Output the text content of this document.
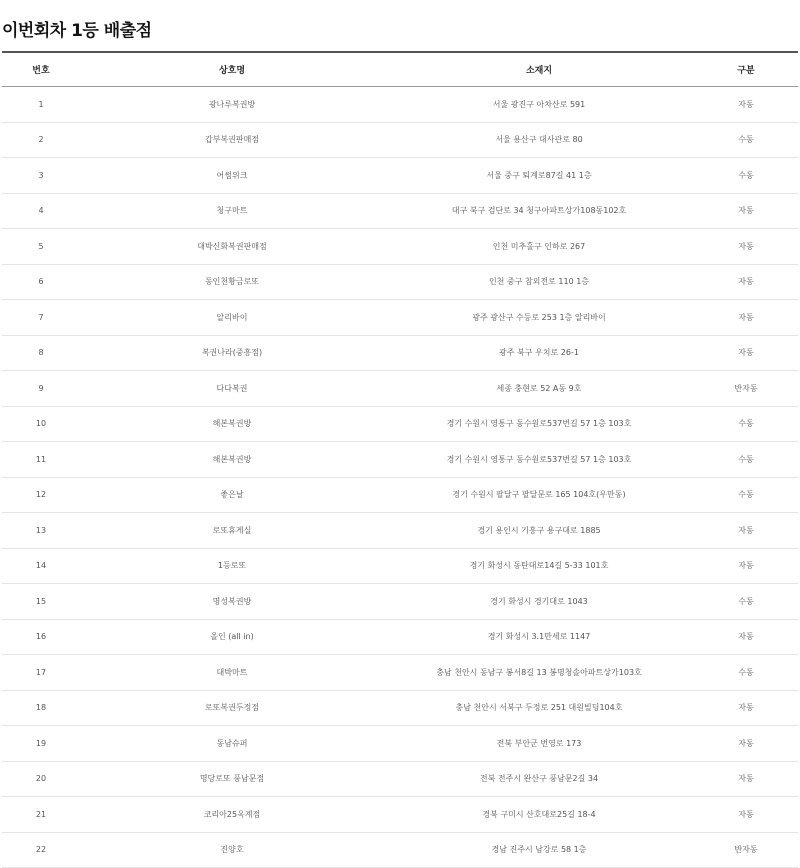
이번회차 1등 배출점
번호	상호명	소재지	구분
1	광나루복권방	서울 광진구 아차산로 591	자동
2	갑부복권판매점	서울 용산구 대사관로 80	수동
3	어썸위크	서울 중구 퇴계로87길 41 1층	수동
4	청구마트	대구 북구 검단로 34 청구아파트상가108동102호	자동
5	대박신화복권판매점	인천 미추홀구 인하로 267	자동
6	동인천황금로또	인천 중구 참외전로 110 1층	자동
7	알리바이	광주 광산구 수등로 253 1층 알리바이	자동
8	복권나라(중흥점)	광주 북구 우치로 26-1	자동
9	다다복권	세종 충현로 52 A동 9호	반자동
10	해본복권방	경기 수원시 영통구 동수원로537번길 57 1층 103호	수동
11	해본복권방	경기 수원시 영통구 동수원로537번길 57 1층 103호	수동
12	좋은날	경기 수원시 팔달구 팔달문로 165 104호(우만동)	수동
13	로또휴게실	경기 용인시 기흥구 용구대로 1885	자동
14	1등로또	경기 화성시 동탄대로14길 5-33 101호	자동
15	명성복권방	경기 화성시 경기대로 1043	수동
16	올인 (all in)	경기 화성시 3.1만세로 1147	자동
17	대박마트	충남 천안시 동남구 봉서8길 13 봉명청솔아파트상가103호	수동
18	로또복권두정점	충남 천안시 서북구 두정로 251 대원빌딩104호	자동
19	동남슈퍼	전북 부안군 번영로 173	자동
20	명당로또 풍남문점	전북 전주시 완산구 풍남문2길 34	자동
21	코리아25옥계점	경북 구미시 산호대로25길 18-4	자동
22	진양호	경남 진주시 남강로 58 1층	반자동
